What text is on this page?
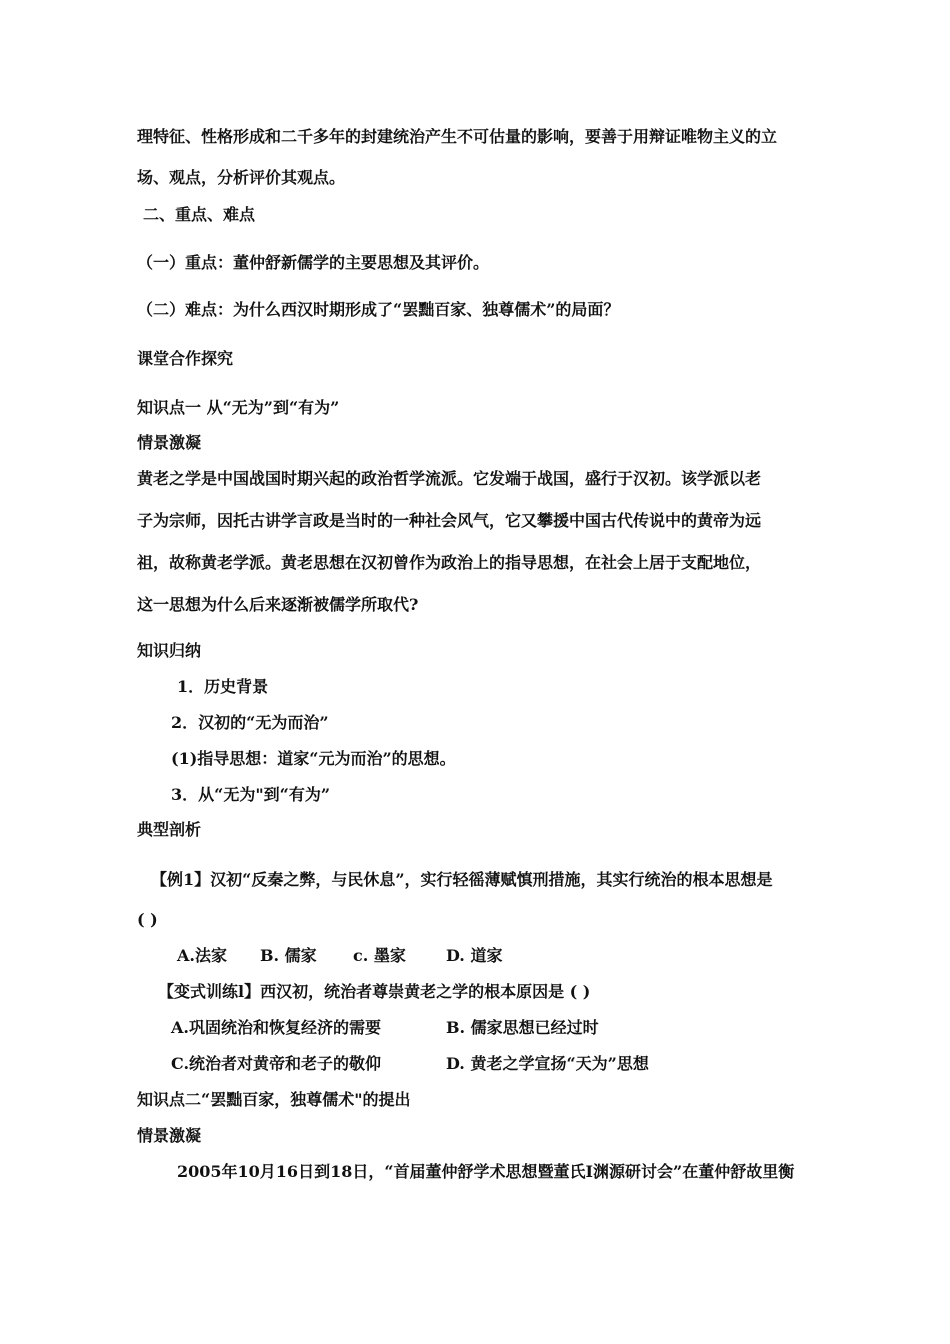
理特征、性格形成和二千多年的封建统治产生不可估量的影响，要善于用辩证唯物主义的立
场、观点，分析评价其观点。
二、重点、难点
（一）重点：董仲舒新儒学的主要思想及其评价。
（二）难点：为什么西汉时期形成了“罢黜百家、独尊儒术”的局面？
课堂合作探究
知识点一 从“无为”到“有为”
情景激凝
黄老之学是中国战国时期兴起的政治哲学流派。它发端于战国，盛行于汉初。该学派以老
子为宗师，因托古讲学言政是当时的一种社会风气，它又攀援中国古代传说中的黄帝为远
祖，故称黄老学派。黄老思想在汉初曾作为政治上的指导思想，在社会上居于支配地位，
这一思想为什么后来逐渐被儒学所取代?
知识归纳
1．历史背景
2．汉初的“无为而治”
(1)指导思想：道家“元为而治”的思想。
3．从“无为"到“有为”
典型剖析
【例1】汉初“反秦之弊，与民休息”，实行轻徭薄赋慎刑措施，其实行统治的根本思想是
( )
A.法家 B. 儒家 c. 墨家	D. 道家
【变式训练l】西汉初，统治者尊崇黄老之学的根本原因是 ( )
A.巩固统治和恢复经济的需要	B. 儒家思想已经过时
C.统治者对黄帝和老子的敬仰	D. 黄老之学宣扬“天为”思想
知识点二“罢黜百家，独尊儒术"的提出
情景激凝
2005年10月16日到18日，“首届董仲舒学术思想暨董氏I渊源研讨会”在董仲舒故里衡
